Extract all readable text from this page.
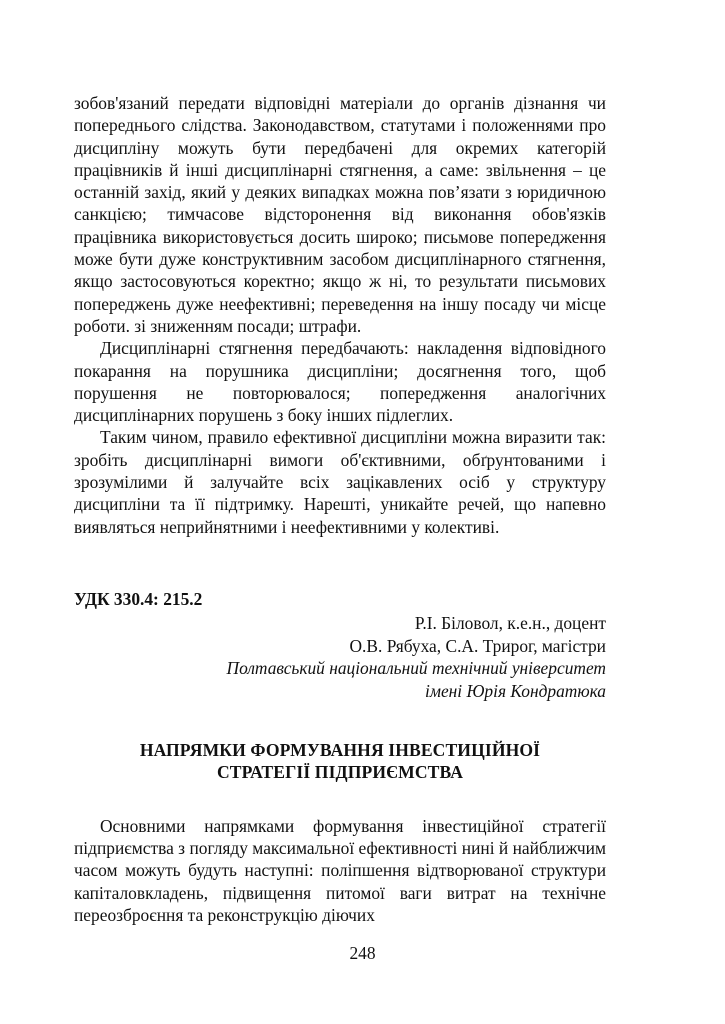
зобов'язаний передати відповідні матеріали до органів дізнання чи попереднього слідства. Законодавством, статутами і положеннями про дисципліну можуть бути передбачені для окремих категорій працівників й інші дисциплінарні стягнення, а саме: звільнення – це останній захід, який у деяких випадках можна пов’язати з юридичною санкцією; тимчасове відсторонення від виконання обов'язків працівника використовується досить широко; письмове попередження може бути дуже конструктивним засобом дисциплінарного стягнення, якщо застосовуються коректно; якщо ж ні, то результати письмових попереджень дуже неефективні; переведення на іншу посаду чи місце роботи. зі зниженням посади; штрафи.

Дисциплінарні стягнення передбачають: накладення відповідного покарання на порушника дисципліни; досягнення того, щоб порушення не повторювалося; попередження аналогічних дисциплінарних порушень з боку інших підлеглих.

Таким чином, правило ефективної дисципліни можна виразити так: зробіть дисциплінарні вимоги об'єктивними, обґрунтованими і зрозумілими й залучайте всіх зацікавлених осіб у структуру дисципліни та її підтримку. Нарешті, уникайте речей, що напевно виявляться неприйнятними і неефективними у колективі.

УДК 330.4: 215.2
Р.І. Біловол, к.е.н., доцент
О.В. Рябуха, С.А. Трирог, магістри
Полтавський національний технічний університет
імені Юрія Кондратюка
НАПРЯМКИ ФОРМУВАННЯ ІНВЕСТИЦІЙНОЇ
СТРАТЕГІЇ ПІДПРИЄМСТВА

Основними напрямками формування інвестиційної стратегії підприємства з погляду максимальної ефективності нині й найближчим часом можуть будуть наступні: поліпшення відтворюваної структури капіталовкладень, підвищення питомої ваги витрат на технічне переозброєння та реконструкцію діючих

248
